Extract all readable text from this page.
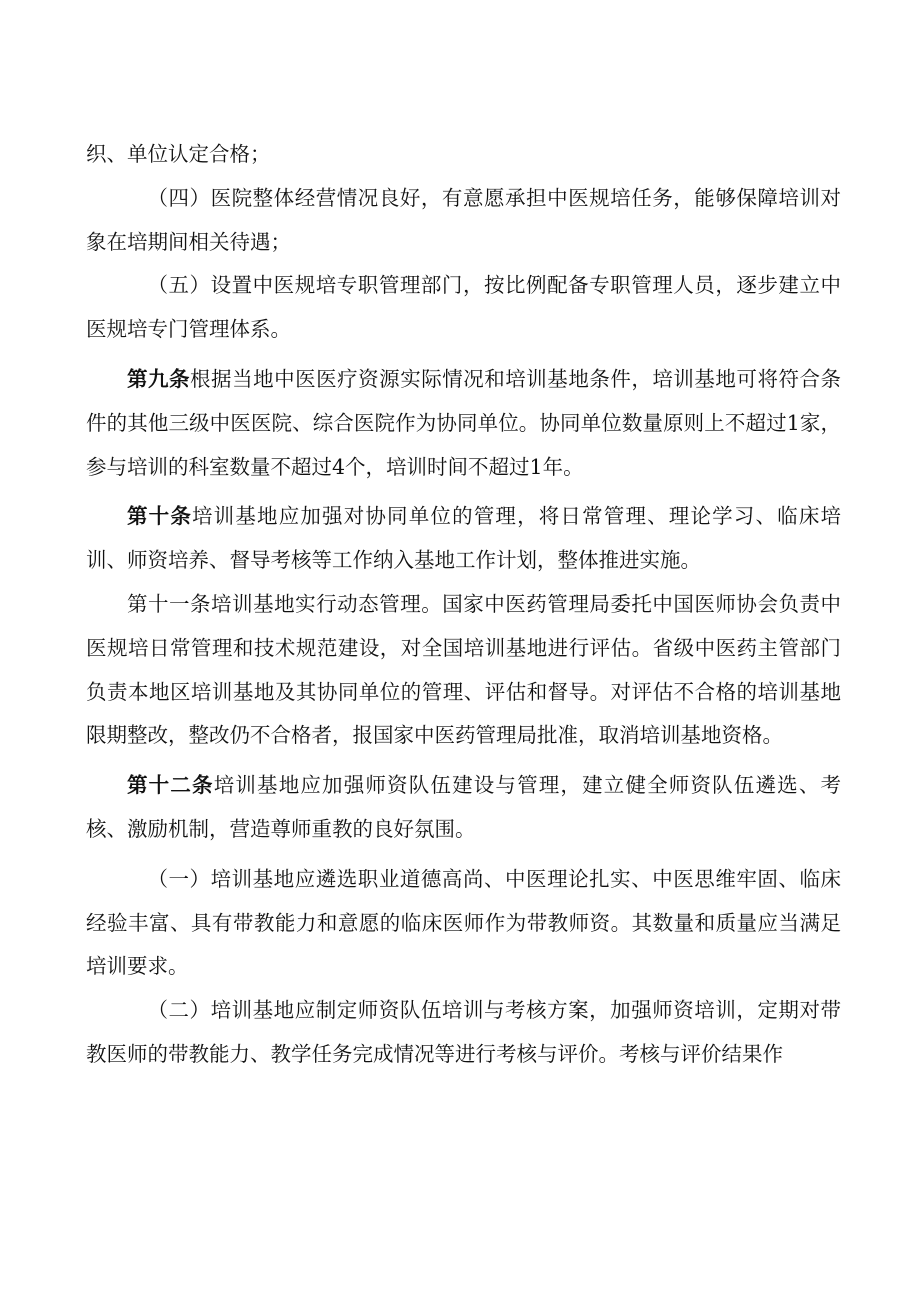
织、单位认定合格；

（四）医院整体经营情况良好，有意愿承担中医规培任务，能够保障培训对象在培期间相关待遇；

（五）设置中医规培专职管理部门，按比例配备专职管理人员，逐步建立中医规培专门管理体系。

第九条根据当地中医医疗资源实际情况和培训基地条件，培训基地可将符合条件的其他三级中医医院、综合医院作为协同单位。协同单位数量原则上不超过1家，参与培训的科室数量不超过4个，培训时间不超过1年。

第十条培训基地应加强对协同单位的管理，将日常管理、理论学习、临床培训、师资培养、督导考核等工作纳入基地工作计划，整体推进实施。

第十一条培训基地实行动态管理。国家中医药管理局委托中国医师协会负责中医规培日常管理和技术规范建设，对全国培训基地进行评估。省级中医药主管部门负责本地区培训基地及其协同单位的管理、评估和督导。对评估不合格的培训基地限期整改，整改仍不合格者，报国家中医药管理局批准，取消培训基地资格。

第十二条培训基地应加强师资队伍建设与管理，建立健全师资队伍遴选、考核、激励机制，营造尊师重教的良好氛围。

（一）培训基地应遴选职业道德高尚、中医理论扎实、中医思维牢固、临床经验丰富、具有带教能力和意愿的临床医师作为带教师资。其数量和质量应当满足培训要求。

（二）培训基地应制定师资队伍培训与考核方案，加强师资培训，定期对带教医师的带教能力、教学任务完成情况等进行考核与评价。考核与评价结果作
